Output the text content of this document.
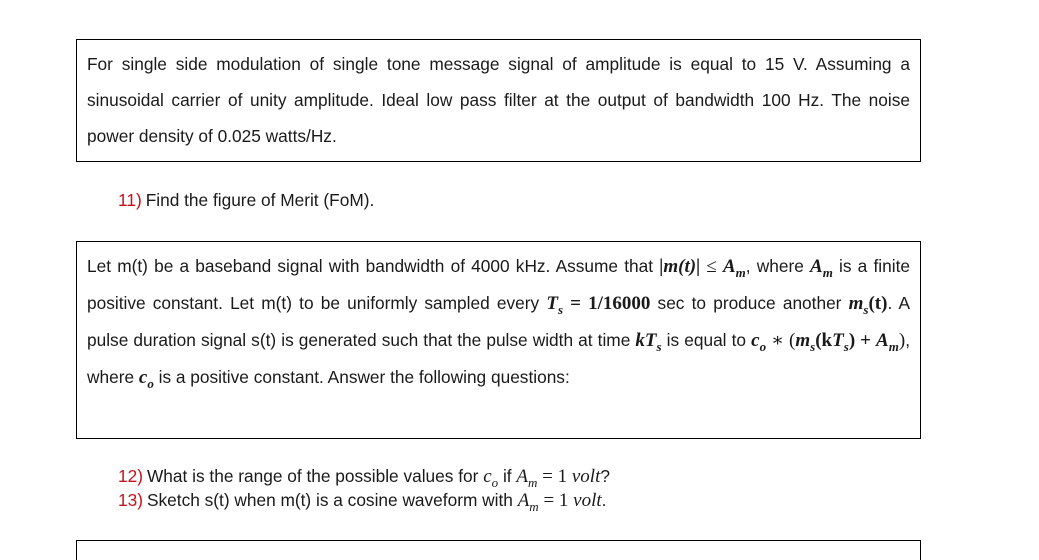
For single side modulation of single tone message signal of amplitude is equal to 15 V. Assuming a sinusoidal carrier of unity amplitude. Ideal low pass filter at the output of bandwidth 100 Hz. The noise power density of 0.025 watts/Hz.
11) Find the figure of Merit (FoM).
Let m(t) be a baseband signal with bandwidth of 4000 kHz. Assume that $|m(t)| \le A_m$, where $A_m$ is a finite positive constant. Let m(t) to be uniformly sampled every $T_s = 1/16000$ sec to produce another $m_s(t)$. A pulse duration signal s(t) is generated such that the pulse width at time $kT_s$ is equal to $c_o$ ∗ $(m_s(kT_s) + A_m)$, where $c_o$ is a positive constant. Answer the following questions:
12) What is the range of the possible values for $c_o$ if $A_m = 1$ volt?
13) Sketch s(t) when m(t) is a cosine waveform with $A_m = 1$ volt.
